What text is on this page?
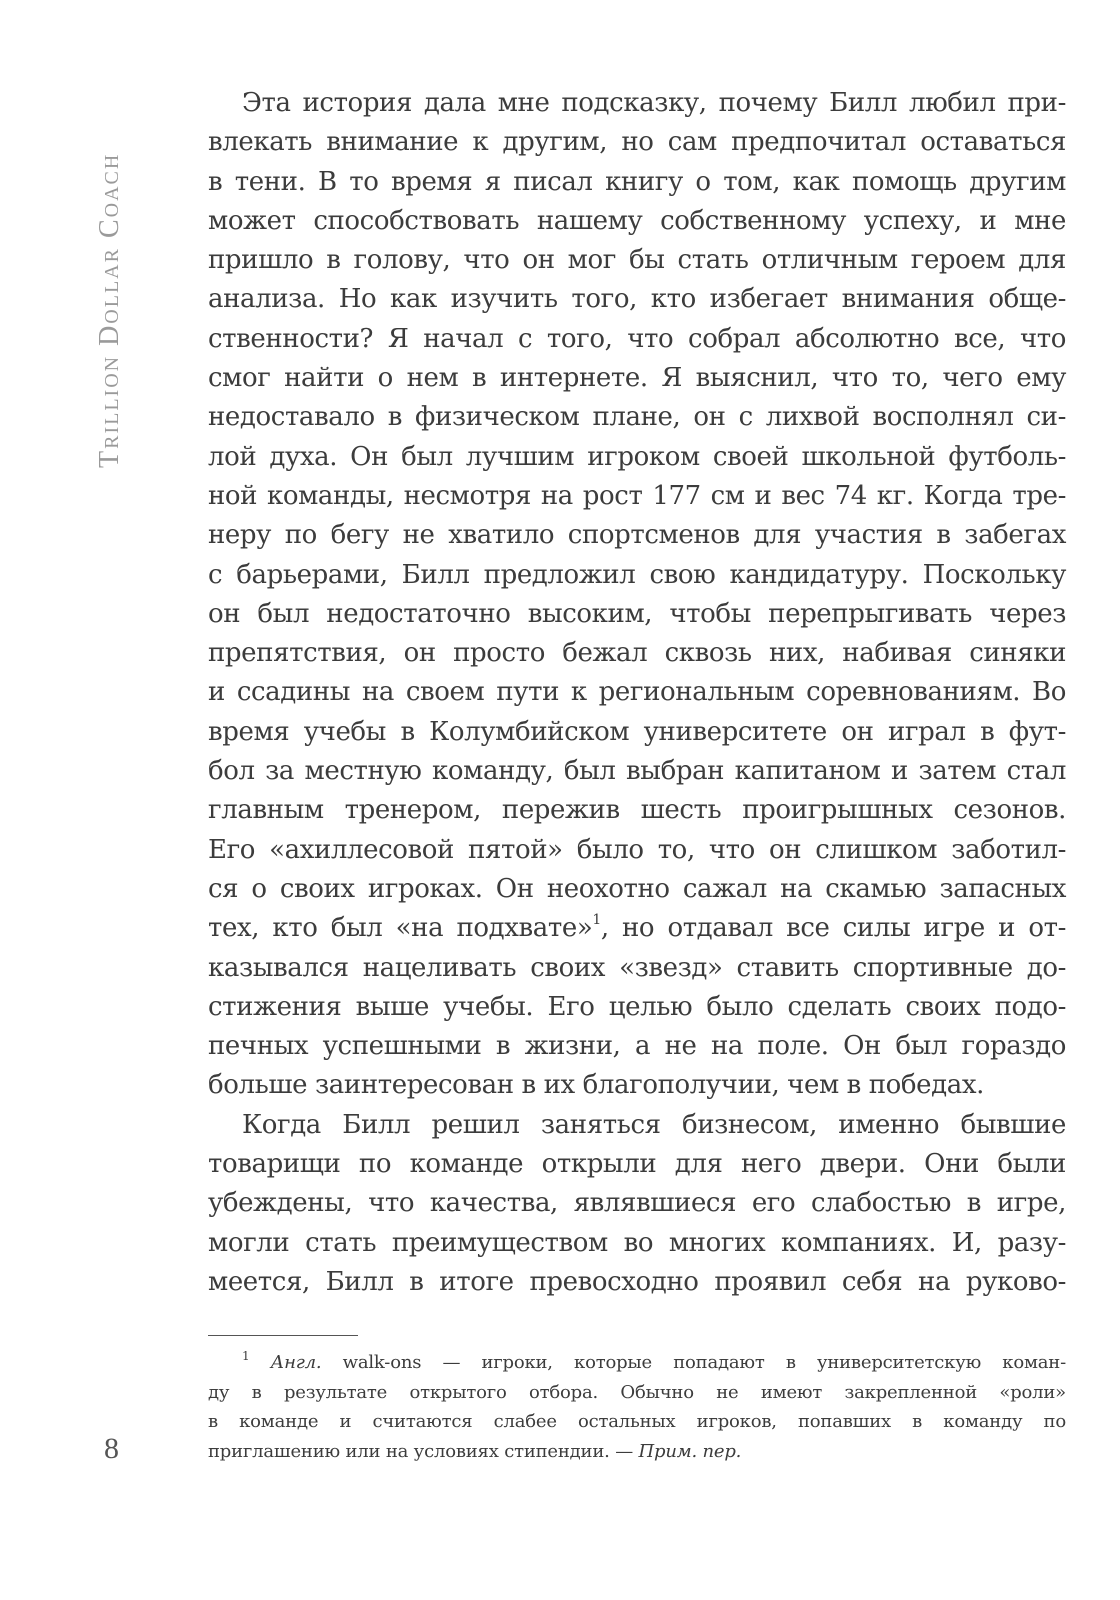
Trillion Dollar Coach
Эта история дала мне подсказку, почему Билл любил при-
влекать внимание к другим, но сам предпочитал оставаться
в тени. В то время я писал книгу о том, как помощь другим
может способствовать нашему собственному успеху, и мне
пришло в голову, что он мог бы стать отличным героем для
анализа. Но как изучить того, кто избегает внимания обще-
ственности? Я начал с того, что собрал абсолютно все, что
смог найти о нем в интернете. Я выяснил, что то, чего ему
недоставало в физическом плане, он с лихвой восполнял си-
лой духа. Он был лучшим игроком своей школьной футболь-
ной команды, несмотря на рост 177 см и вес 74 кг. Когда тре-
неру по бегу не хватило спортсменов для участия в забегах
с барьерами, Билл предложил свою кандидатуру. Поскольку
он был недостаточно высоким, чтобы перепрыгивать через
препятствия, он просто бежал сквозь них, набивая синяки
и ссадины на своем пути к региональным соревнованиям. Во
время учебы в Колумбийском университете он играл в фут-
бол за местную команду, был выбран капитаном и затем стал
главным тренером, пережив шесть проигрышных сезонов.
Его «ахиллесовой пятой» было то, что он слишком заботил-
ся о своих игроках. Он неохотно сажал на скамью запасных
тех, кто был «на подхвате»$^1$, но отдавал все силы игре и от-
казывался нацеливать своих «звезд» ставить спортивные до-
стижения выше учебы. Его целью было сделать своих подо-
печных успешными в жизни, а не на поле. Он был гораздо
больше заинтересован в их благополучии, чем в победах.
Когда Билл решил заняться бизнесом, именно бывшие
товарищи по команде открыли для него двери. Они были
убеждены, что качества, являвшиеся его слабостью в игре,
могли стать преимуществом во многих компаниях. И, разу-
меется, Билл в итоге превосходно проявил себя на руково-
$^1$ Англ. walk-ons — игроки, которые попадают в университетскую коман-
ду в результате открытого отбора. Обычно не имеют закрепленной «роли»
в команде и считаются слабее остальных игроков, попавших в команду по
приглашению или на условиях стипендии. — Прим. пер.
8
